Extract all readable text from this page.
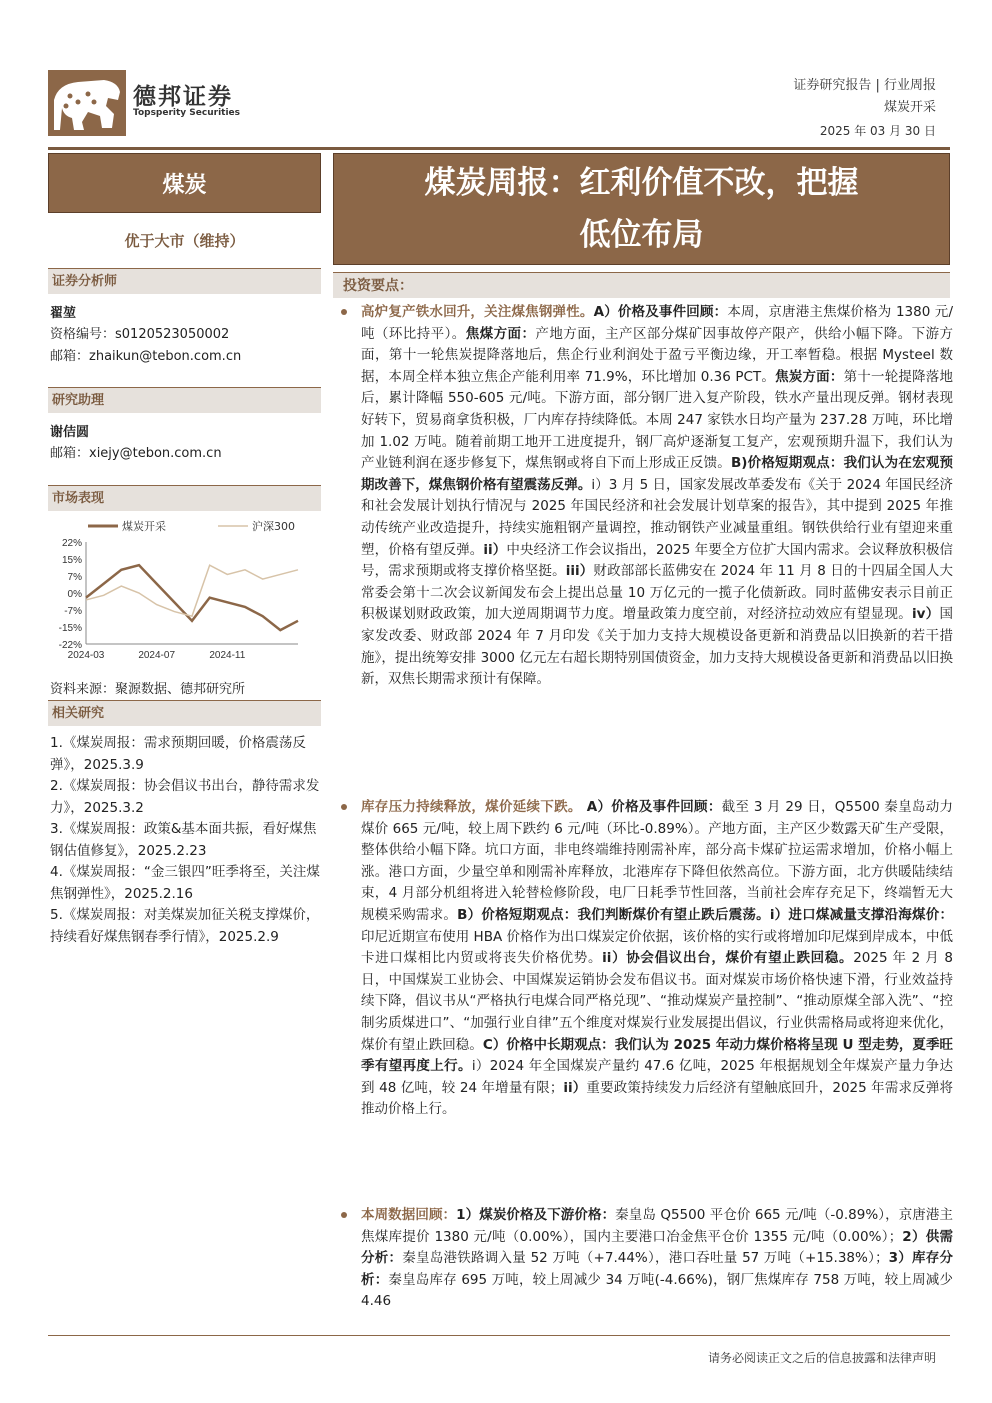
德邦证券
Topsperity Securities
证券研究报告 | 行业周报
煤炭开采
2025 年 03 月 30 日
煤炭
优于大市（维持）
证券分析师
翟堃
资格编号：s0120523050002
邮箱：zhaikun@tebon.com.cn
研究助理
谢佶圆
邮箱：xiejy@tebon.com.cn
市场表现
22%
15%
7%
0%
-7%
-15%
-22%
2024-03	2024-07	2024-11
煤炭开采	沪深300
资料来源：聚源数据、德邦研究所
相关研究
1.《煤炭周报：需求预期回暖，价格震荡反弹》，2025.3.9
2.《煤炭周报：协会倡议书出台，静待需求发力》，2025.3.2
3.《煤炭周报：政策&基本面共振，看好煤焦钢估值修复》，2025.2.23
4.《煤炭周报：“金三银四”旺季将至，关注煤焦钢弹性》，2025.2.16
5.《煤炭周报：对美煤炭加征关税支撑煤价，持续看好煤焦钢春季行情》，2025.2.9
煤炭周报：红利价值不改，把握
低位布局
投资要点：
高炉复产铁水回升，关注煤焦钢弹性。A）价格及事件回顾：本周，京唐港主焦煤价格为 1380 元/吨（环比持平）。焦煤方面：产地方面，主产区部分煤矿因事故停产限产，供给小幅下降。下游方面，第十一轮焦炭提降落地后，焦企行业利润处于盈亏平衡边缘，开工率暂稳。根据 Mysteel 数据，本周全样本独立焦企产能利用率 71.9%，环比增加 0.36 PCT。焦炭方面：第十一轮提降落地后，累计降幅 550-605 元/吨。下游方面，部分钢厂进入复产阶段，铁水产量出现反弹。钢材表现好转下，贸易商拿货积极，厂内库存持续降低。本周 247 家铁水日均产量为 237.28 万吨，环比增加 1.02 万吨。随着前期工地开工进度提升，钢厂高炉逐渐复工复产，宏观预期升温下，我们认为产业链利润在逐步修复下，煤焦钢或将自下而上形成正反馈。B)价格短期观点：我们认为在宏观预期改善下，煤焦钢价格有望震荡反弹。i）3 月 5 日，国家发展改革委发布《关于 2024 年国民经济和社会发展计划执行情况与 2025 年国民经济和社会发展计划草案的报告》，其中提到 2025 年推动传统产业改造提升，持续实施粗钢产量调控，推动钢铁产业减量重组。钢铁供给行业有望迎来重塑，价格有望反弹。ii）中央经济工作会议指出，2025 年要全方位扩大国内需求。会议释放积极信号，需求预期或将支撑价格坚挺。iii）财政部部长蓝佛安在 2024 年 11 月 8 日的十四届全国人大常委会第十二次会议新闻发布会上提出总量 10 万亿元的一揽子化债新政。同时蓝佛安表示目前正积极谋划财政政策，加大逆周期调节力度。增量政策力度空前，对经济拉动效应有望显现。iv）国家发改委、财政部 2024 年 7 月印发《关于加力支持大规模设备更新和消费品以旧换新的若干措施》，提出统筹安排 3000 亿元左右超长期特别国债资金，加力支持大规模设备更新和消费品以旧换新，双焦长期需求预计有保障。
库存压力持续释放，煤价延续下跌。 A）价格及事件回顾：截至 3 月 29 日，Q5500 秦皇岛动力煤价 665 元/吨，较上周下跌约 6 元/吨（环比-0.89%）。产地方面，主产区少数露天矿生产受限，整体供给小幅下降。坑口方面，非电终端维持刚需补库，部分高卡煤矿拉运需求增加，价格小幅上涨。港口方面，少量空单和刚需补库释放，北港库存下降但依然高位。下游方面，北方供暖陆续结束，4 月部分机组将进入轮替检修阶段，电厂日耗季节性回落，当前社会库存充足下，终端暂无大规模采购需求。B）价格短期观点：我们判断煤价有望止跌后震荡。i）进口煤减量支撑沿海煤价：印尼近期宣布使用 HBA 价格作为出口煤炭定价依据，该价格的实行或将增加印尼煤到岸成本，中低卡进口煤相比内贸或将丧失价格优势。ii）协会倡议出台，煤价有望止跌回稳。2025 年 2 月 8 日，中国煤炭工业协会、中国煤炭运销协会发布倡议书。面对煤炭市场价格快速下滑，行业效益持续下降，倡议书从“严格执行电煤合同严格兑现”、“推动煤炭产量控制”、“推动原煤全部入洗”、“控制劣质煤进口”、“加强行业自律”五个维度对煤炭行业发展提出倡议，行业供需格局或将迎来优化，煤价有望止跌回稳。C）价格中长期观点：我们认为 2025 年动力煤价格将呈现 U 型走势，夏季旺季有望再度上行。i）2024 年全国煤炭产量约 47.6 亿吨，2025 年根据规划全年煤炭产量力争达到 48 亿吨，较 24 年增量有限；ii）重要政策持续发力后经济有望触底回升，2025 年需求反弹将推动价格上行。
本周数据回顾：1）煤炭价格及下游价格：秦皇岛 Q5500 平仓价 665 元/吨（-0.89%），京唐港主焦煤库提价 1380 元/吨（0.00%），国内主要港口冶金焦平仓价 1355 元/吨（0.00%）；2）供需分析：秦皇岛港铁路调入量 52 万吨（+7.44%），港口吞吐量 57 万吨（+15.38%）；3）库存分析：秦皇岛库存 695 万吨，较上周减少 34 万吨(-4.66%)，钢厂焦煤库存 758 万吨，较上周减少 4.46
请务必阅读正文之后的信息披露和法律声明
